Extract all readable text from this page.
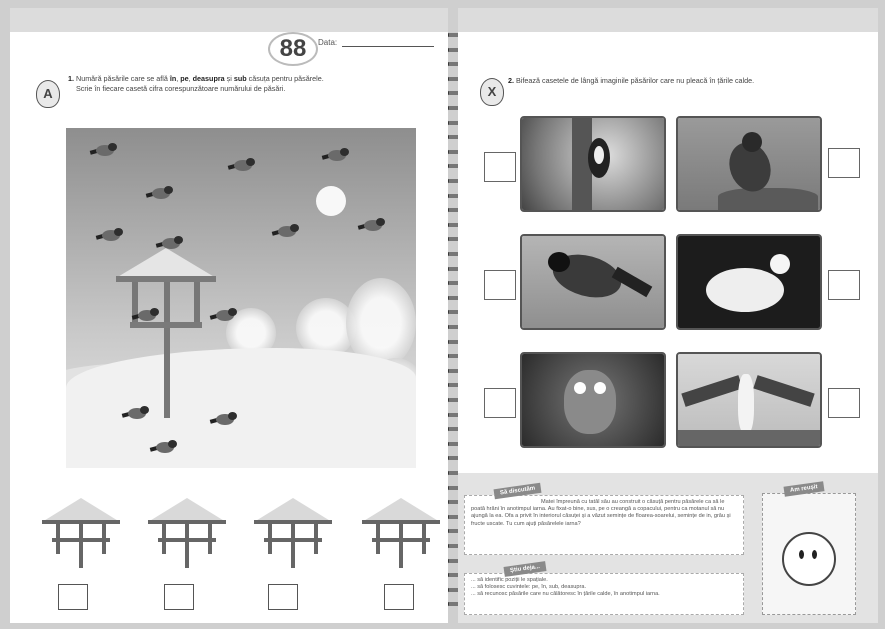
88	Data:
A
1. Numără păsările care se află în, pe, deasupra și sub căsuța pentru păsărele.
Scrie în fiecare casetă cifra corespunzătoare numărului de păsări.	X
2. Bifează casetele de lângă imaginile păsărilor care nu pleacă în țările calde.
Matei împreună cu tatăl său au construit o căsuță pentru păsărele ca să le poată hrăni în anotimpul iarna. Au fixat-o bine, sus, pe o creangă a copacului, pentru ca motanul să nu ajungă la ea. Ofa a privit în interiorul căsuței și a văzut semințe de floarea-soarelui, semințe de in, grâu și fructe uscate. Tu cum ajuți păsărelele iarna?
Să discutăm
... să identific poziții le spațiale.
... să folosesc cuvintele: pe, în, sub, deasupra.
... să recunosc păsările care nu călătoresc în țările calde, în anotimpul iarna.
Știu deja...
Am reușit
